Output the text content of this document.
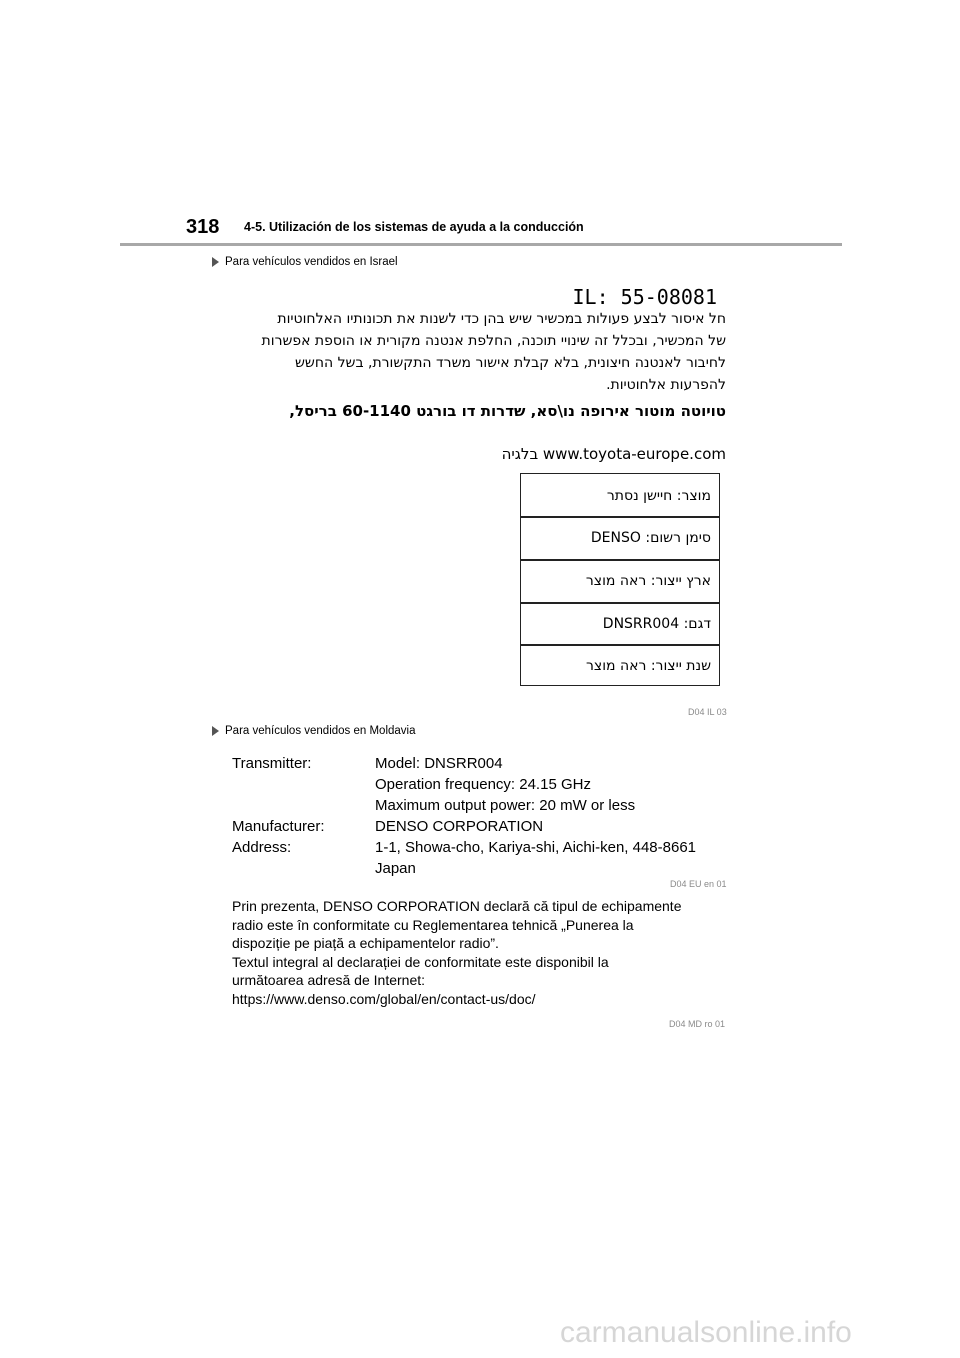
318 4-5. Utilización de los sistemas de ayuda a la conducción
Para vehículos vendidos en Israel
IL: 55-08081
חל איסור לבצע פעולות במכשיר שיש בהן כדי לשנות את תכונותיו האלחוטיות
של המכשיר, ובכלל זה שינויי תוכנה, החלפת אנטנה מקורית או הוספת אפשרות
לחיבור לאנטנה חיצונית, בלא קבלת אישור משרד התקשורת, בשל החשש
להפרעות אלחוטיות.
טויוטה מוטור אירופה נו\סא, שדרות דו בורגט 60-1140 בריסל,
www.toyota-europe.com בלגיה
מוצר: חיישן נסתר
סימן רשום: DENSO
ארץ ייצור: ראה מוצר
דגם: DNSRR004
שנת ייצור: ראה מוצר
D04 IL 03
Para vehículos vendidos en Moldavia
Transmitter:	Model: DNSRR004
Operation frequency: 24.15 GHz
Maximum output power: 20 mW or less
Manufacturer:	DENSO CORPORATION
Address:	1-1, Showa-cho, Kariya-shi, Aichi-ken, 448-8661
Japan
D04 EU en 01
Prin prezenta, DENSO CORPORATION declară că tipul de echipamente
radio este în conformitate cu Reglementarea tehnică „Punerea la
dispoziție pe piață a echipamentelor radio”.
Textul integral al declarației de conformitate este disponibil la
următoarea adresă de Internet:
https://www.denso.com/global/en/contact-us/doc/
D04 MD ro 01
carmanualsonline.info
